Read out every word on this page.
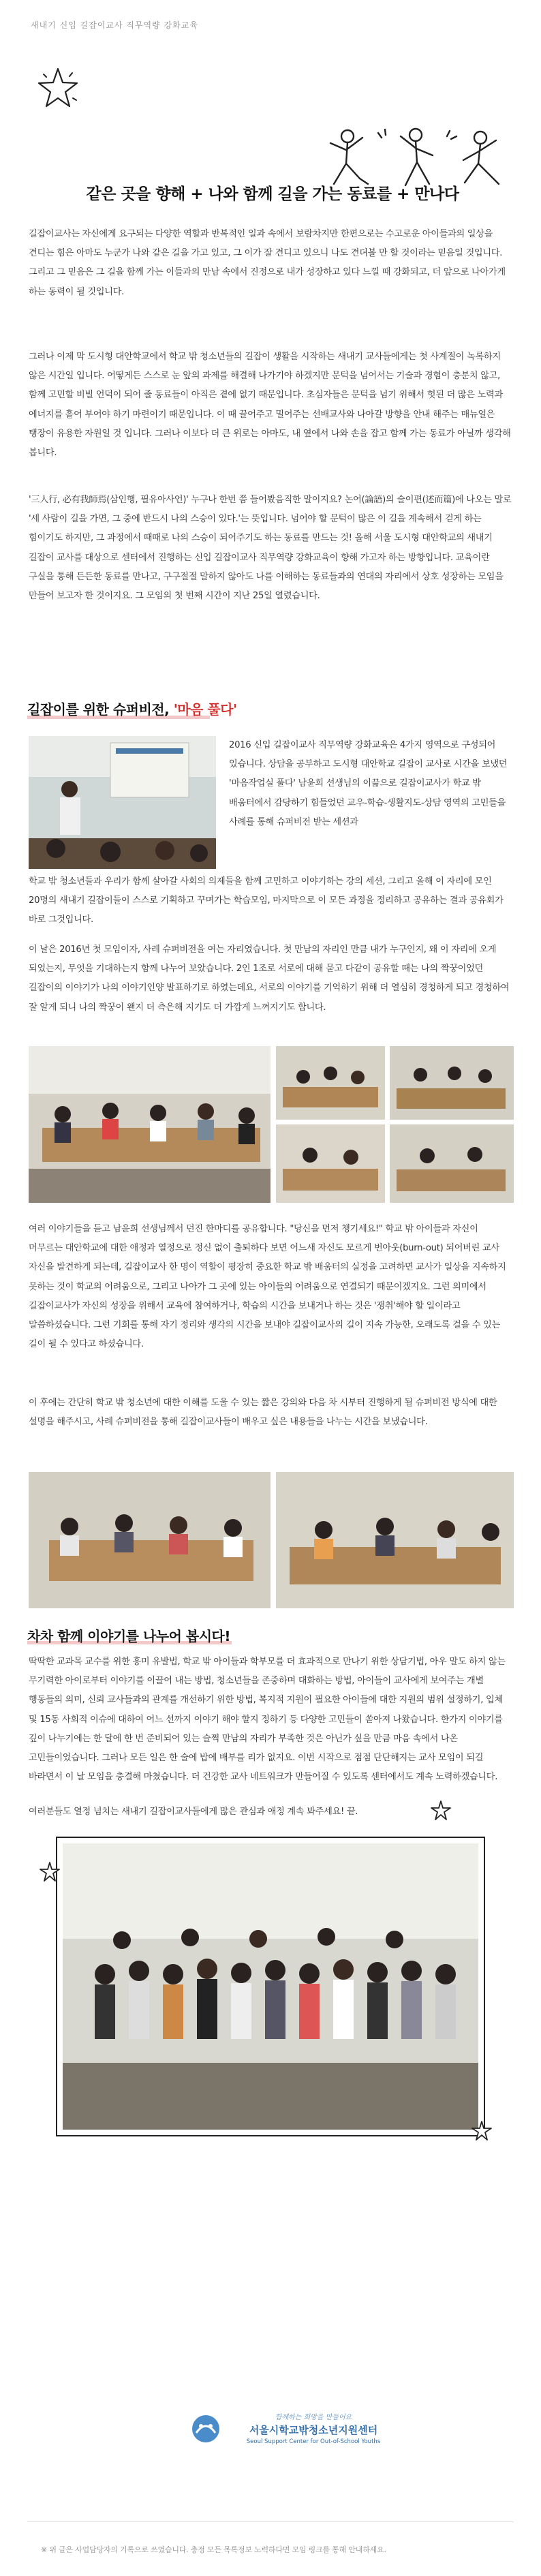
새내기 신입 길잡이교사 직무역량 강화교육
같은 곳을 향해 + 나와 함께 길을 가는 동료를 + 만나다

길잡이교사는 자신에게 요구되는 다양한 역할과 반복적인 일과 속에서 보람차지만 한편으로는 수고로운 아이들과의 일상을 견디는 힘은 아마도 누군가 나와 같은 길을 가고 있고, 그 이가 잘 견디고 있으니 나도 견뎌볼 만 할 것이라는 믿음일 것입니다. 그리고 그 믿음은 그 길을 함께 가는 이들과의 만남 속에서 진정으로 내가 성장하고 있다 느낄 때 강화되고, 더 앞으로 나아가게 하는 동력이 될 것입니다.

그러나 이제 막 도시형 대안학교에서 학교 밖 청소년들의 길잡이 생활을 시작하는 새내기 교사들에게는 첫 사계절이 녹록하지 않은 시간일 입니다. 어떻게든 스스로 눈 앞의 과제를 해결해 나가기야 하겠지만 문턱을 넘어서는 기술과 경험이 충분치 않고, 함께 고민할 비빌 언덕이 되어 줄 동료들이 아직은 곁에 없기 때문입니다. 초심자들은 문턱을 넘기 위해서 헛된 더 많은 노력과 에너지를 흩어 부어야 하기 마련이기 때문입니다. 이 때 끌어주고 밀어주는 선배교사와 나아갈 방향을 안내 해주는 매뉴얼은 탱장이 유용한 자원일 것 입니다. 그러나 이보다 더 큰 위로는 아마도, 내 옆에서 나와 손을 잡고 함께 가는 동료가 아닐까 생각해 봅니다.

'三人行, 必有我師焉(삼인행, 필유아사언)' 누구나 한번 쯤 들어봤음직한 말이지요? 논어(論語)의 술이편(述而篇)에 나오는 말로 '세 사람이 길을 가면, 그 중에 반드시 나의 스승이 있다.'는 뜻입니다. 넘어야 할 문턱이 많은 이 길을 계속해서 걷게 하는 힘이기도 하지만, 그 과정에서 때때로 나의 스승이 되어주기도 하는 동료를 만드는 것! 올해 서울 도시형 대안학교의 새내기 길잡이 교사를 대상으로 센터에서 진행하는 신입 길잡이교사 직무역량 강화교육이 향해 가고자 하는 방향입니다. 교육이란 구실을 통해 든든한 동료를 만나고, 구구절절 말하지 않아도 나를 이해하는 동료들과의 연대의 자리에서 상호 성장하는 모임을 만들어 보고자 한 것이지요. 그 모임의 첫 번째 시간이 지난 25일 열렸습니다.

길잡이를 위한 슈퍼비전, '마음 풀다'

2016 신입 길잡이교사 직무역량 강화교육은 4가지 영역으로 구성되어 있습니다. 상담을 공부하고 도시형 대안학교 길잡이 교사로 시간을 보냈던 '마음작업실 풀다' 남윤희 선생님의 이끎으로 길잡이교사가 학교 밖 배움터에서 감당하기 힘들었던 교우-학습-생활지도-상담 영역의 고민들을 사례를 통해 슈퍼비전 받는 세션과

학교 밖 청소년들과 우리가 함께 살아갈 사회의 의제들을 함께 고민하고 이야기하는 강의 세션, 그리고 올해 이 자리에 모인 20명의 새내기 길잡이들이 스스로 기획하고 꾸며가는 학습모임, 마지막으로 이 모든 과정을 정리하고 공유하는 결과 공유회가 바로 그것입니다.

이 날은 2016년 첫 모임이자, 사례 슈퍼비전을 여는 자리였습니다. 첫 만남의 자리인 만큼 내가 누구인지, 왜 이 자리에 오게 되었는지, 무엇을 기대하는지 함께 나누어 보았습니다. 2인 1조로 서로에 대해 묻고 다같이 공유할 때는 나의 짝꿍이었던 길잡이의 이야기가 나의 이야기인양 발표하기로 하였는데요, 서로의 이야기를 기억하기 위해 더 열심히 경청하게 되고 경청하여 잘 알게 되니 나의 짝꿍이 왠지 더 측은해 지기도 더 가깝게 느껴지기도 합니다.

여러 이야기들을 듣고 남윤희 선생님께서 던진 한마디를 공유합니다. "당신을 먼저 챙기세요!" 학교 밖 아이들과 자신이 머무르는 대안학교에 대한 애정과 열정으로 정신 없이 출퇴하다 보면 어느새 자신도 모르게 번아웃(burn-out) 되어버린 교사 자신을 발견하게 되는데, 길잡이교사 한 명이 역할이 평장히 중요한 학교 밖 배움터의 실정을 고려하면 교사가 일상을 지속하지 못하는 것이 학교의 어려움으로, 그리고 나아가 그 곳에 있는 아이들의 어려움으로 연결되기 때문이겠지요. 그런 의미에서 길잡이교사가 자신의 성장을 위해서 교육에 참여하거나, 학습의 시간을 보내거나 하는 것은 '쟁취'해야 할 일이라고 말씀하셨습니다. 그런 기회를 통해 자기 정리와 생각의 시간을 보내야 길잡이교사의 길이 지속 가능한, 오래도록 걸을 수 있는 길이 될 수 있다고 하셨습니다.

이 후에는 간단히 학교 밖 청소년에 대한 이해를 도울 수 있는 짧은 강의와 다음 차 시부터 진행하게 될 슈퍼비전 방식에 대한 설명을 해주시고, 사례 슈퍼비전을 통해 길잡이교사들이 배우고 싶은 내용들을 나누는 시간을 보냈습니다.

차차 함께 이야기를 나누어 봅시다!

딱딱한 교과목 교수를 위한 흥미 유발법, 학교 밖 아이들과 학부모를 더 효과적으로 만나기 위한 상담기법, 아우 말도 하지 않는 무기력한 아이로부터 이야기를 이끌어 내는 방법, 청소년들을 존중하며 대화하는 방법, 아이들이 교사에게 보여주는 개별 행동들의 의미, 신뢰 교사들과의 관계를 개선하기 위한 방법, 복지적 지원이 필요한 아이들에 대한 지원의 범위 설정하기, 입체 및 15동 사회적 이슈에 대하여 어느 선까지 이야기 해야 할지 정하기 등 다양한 고민들이 쏟아져 나왔습니다. 한가지 이야기를 깊이 나누기에는 한 달에 한 번 준비되어 있는 슬쩍 만남의 자리가 부족한 것은 아닌가 싶을 만큼 마음 속에서 나온 고민들이었습니다. 그러나 모든 일은 한 술에 밥에 배부를 리가 없지요. 이번 시작으로 점점 단단해지는 교사 모임이 되길 바라면서 이 날 모임을 충결해 마쳤습니다. 더 건강한 교사 네트워크가 만들어질 수 있도록 센터에서도 계속 노력하겠습니다.

여러분들도 열정 넘치는 새내기 길잡이교사들에게 많은 관심과 애정 계속 봐주세요! 끝.

함께하는 희망을 만들어요
서울시학교밖청소년지원센터
Seoul Support Center for Out-of-School Youths
※ 위 글은 사업담당자의 기록으로 쓰였습니다. 충정 모든 목록정보 노력하다면 모임 링크를 통해 안내하세요.
